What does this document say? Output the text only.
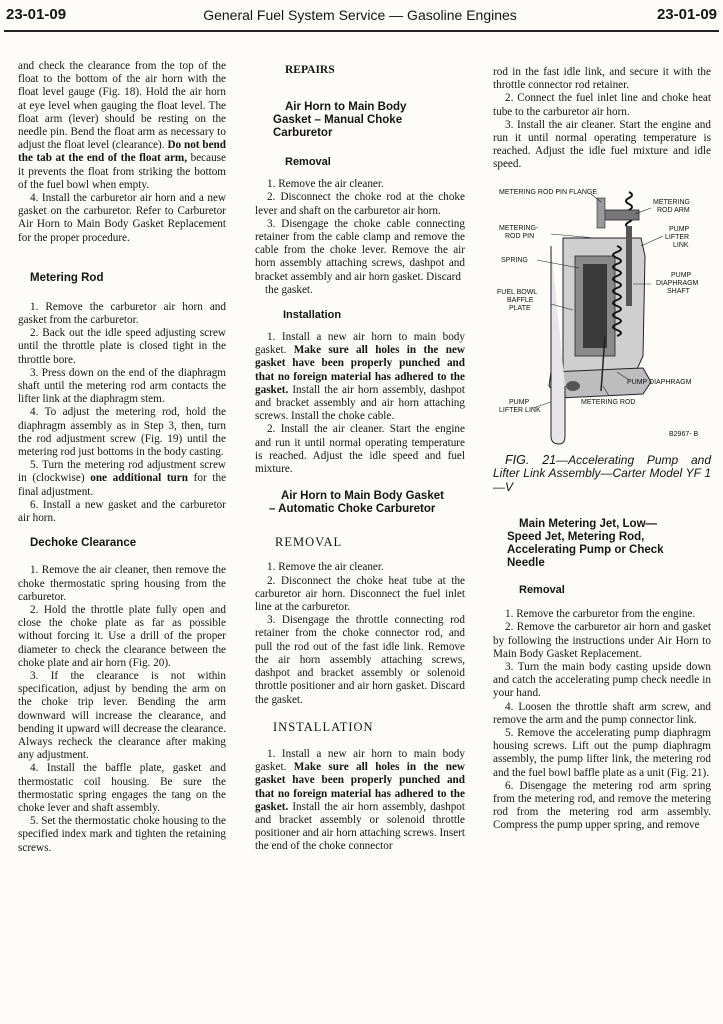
23-01-09	General Fuel System Service — Gasoline Engines	23-01-09

and check the clearance from the top of the float to the bottom of the air horn with the float level gauge (Fig. 18). Hold the air horn at eye level when gauging the float level. The float arm (lever) should be resting on the needle pin. Bend the float arm as necessary to adjust the float level (clearance). Do not bend the tab at the end of the float arm, because it prevents the float from striking the bottom of the fuel bowl when empty.

4. Install the carburetor air horn and a new gasket on the carburetor. Refer to Carburetor Air Horn to Main Body Gasket Replacement for the proper procedure.

Metering Rod

1. Remove the carburetor air horn and gasket from the carburetor.

2. Back out the idle speed adjusting screw until the throttle plate is closed tight in the throttle bore.

3. Press down on the end of the diaphragm shaft until the metering rod arm contacts the lifter link at the diaphragm stem.

4. To adjust the metering rod, hold the diaphragm assembly as in Step 3, then, turn the rod adjustment screw (Fig. 19) until the metering rod just bottoms in the body casting.

5. Turn the metering rod adjustment screw in (clockwise) one additional turn for the final adjustment.

6. Install a new gasket and the carburetor air horn.

Dechoke Clearance

1. Remove the air cleaner, then remove the choke thermostatic spring housing from the carburetor.

2. Hold the throttle plate fully open and close the choke plate as far as possible without forcing it. Use a drill of the proper diameter to check the clearance between the choke plate and air horn (Fig. 20).

3. If the clearance is not within specification, adjust by bending the arm on the choke trip lever. Bending the arm downward will increase the clearance, and bending it upward will decrease the clearance. Always recheck the clearance after making any adjustment.

4. Install the baffle plate, gasket and thermostatic coil housing. Be sure the thermostatic spring engages the tang on the choke lever and shaft assembly.

5. Set the thermostatic choke housing to the specified index mark and tighten the retaining screws.

REPAIRS

Air Horn to Main Body Gasket – Manual Choke Carburetor

Removal

1. Remove the air cleaner.

2. Disconnect the choke rod at the choke lever and shaft on the carburetor air horn.

3. Disengage the choke cable connecting retainer from the cable clamp and remove the cable from the choke lever. Remove the air horn assembly attaching screws, dashpot and bracket assembly and air horn gasket. Discard

the gasket.

Installation

1. Install a new air horn to main body gasket. Make sure all holes in the new gasket have been properly punched and that no foreign material has adhered to the gasket. Install the air horn assembly, dashpot and bracket assembly and air horn attaching screws. Install the choke cable.

2. Install the air cleaner. Start the engine and run it until normal operating temperature is reached. Adjust the idle speed and fuel mixture.

Air Horn to Main Body Gasket – Automatic Choke Carburetor

REMOVAL

1. Remove the air cleaner.

2. Disconnect the choke heat tube at the carburetor air horn. Disconnect the fuel inlet line at the carburetor.

3. Disengage the throttle connecting rod retainer from the choke connector rod, and pull the rod out of the fast idle link. Remove the air horn assembly attaching screws, dashpot and bracket assembly or solenoid throttle positioner and air horn gasket. Discard the gasket.

INSTALLATION

1. Install a new air horn to main body gasket. Make sure all holes in the new gasket have been properly punched and that no foreign material has adhered to the gasket. Install the air horn assembly, dashpot and bracket assembly or solenoid throttle positioner and air horn attaching screws. Insert the end of the choke connector

rod in the fast idle link, and secure it with the throttle connector rod retainer.

2. Connect the fuel inlet line and choke heat tube to the carburetor air horn.

3. Install the air cleaner. Start the engine and run it until normal operating temperature is reached. Adjust the idle fuel mixture and idle speed.

METERING ROD PIN FLANGE
METERING
ROD ARM
METERING-
ROD PIN
PUMP
LIFTER
LINK
SPRING
PUMP
DIAPHRAGM
SHAFT
FUEL BOWL
BAFFLE
PLATE
PUMP DIAPHRAGM
METERING ROD
PUMP
LIFTER LINK
B2967- B

FIG. 21—Accelerating Pump and Lifter Link Assembly—Carter Model YF 1—V

Main Metering Jet, Low—Speed Jet, Metering Rod, Accelerating Pump or Check Needle

Removal

1. Remove the carburetor from the engine.

2. Remove the carburetor air horn and gasket by following the instructions under Air Horn to Main Body Gasket Replacement.

3. Turn the main body casting upside down and catch the accelerating pump check needle in your hand.

4. Loosen the throttle shaft arm screw, and remove the arm and the pump connector link.

5. Remove the accelerating pump diaphragm housing screws. Lift out the pump diaphragm assembly, the pump lifter link, the metering rod and the fuel bowl baffle plate as a unit (Fig. 21).

6. Disengage the metering rod arm spring from the metering rod, and remove the metering rod from the metering rod arm assembly. Compress the pump upper spring, and remove
